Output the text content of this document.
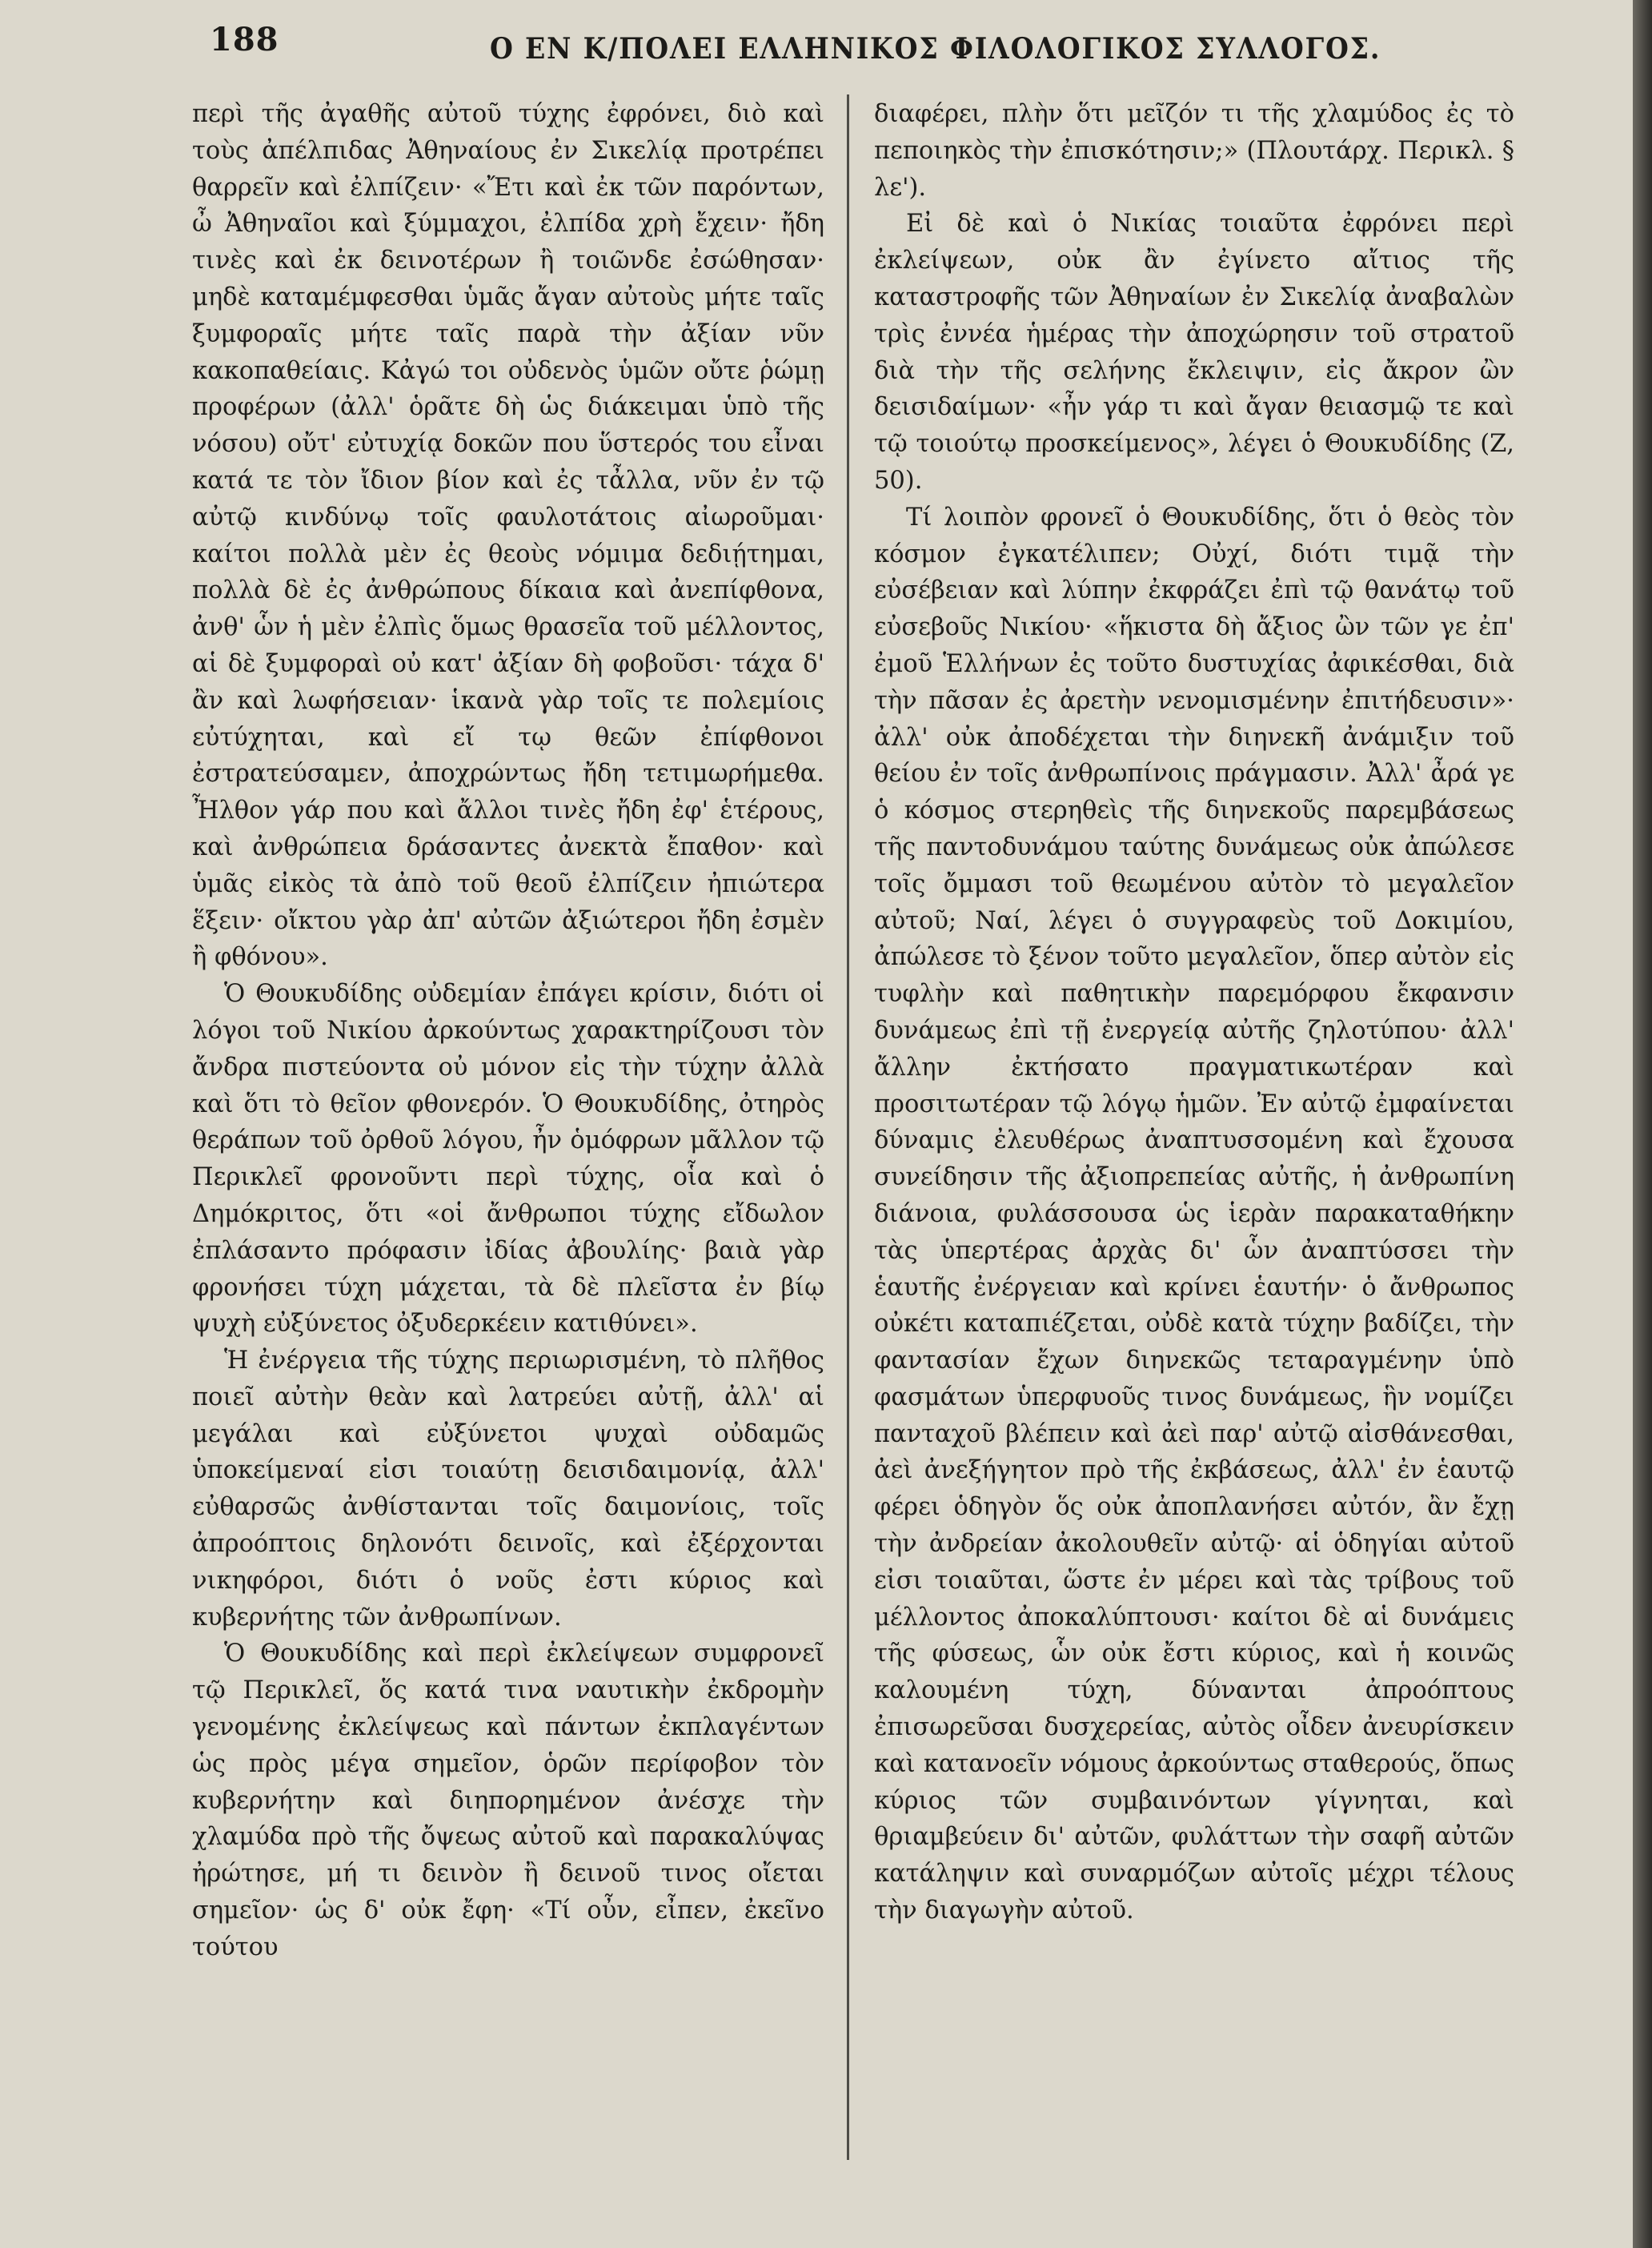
188	Ο ΕΝ Κ/ΠΟΛΕΙ ΕΛΛΗΝΙΚΟΣ ΦΙΛΟΛΟΓΙΚΟΣ ΣΥΛΛΟΓΟΣ.

περὶ τῆς ἀγαθῆς αὐτοῦ τύχης ἐφρόνει, διὸ καὶ τοὺς ἀπέλπιδας Ἀθηναίους ἐν Σικελίᾳ προτρέπει θαρρεῖν καὶ ἐλπίζειν· «Ἔτι καὶ ἐκ τῶν παρόντων, ὦ Ἀθηναῖοι καὶ ξύμμαχοι, ἐλπίδα χρὴ ἔχειν· ἤδη τινὲς καὶ ἐκ δεινοτέρων ἢ τοιῶνδε ἐσώθησαν· μηδὲ καταμέμφεσθαι ὑμᾶς ἄγαν αὐτοὺς μήτε ταῖς ξυμφοραῖς μήτε ταῖς παρὰ τὴν ἀξίαν νῦν κακοπαθείαις. Κἀγώ τοι οὐδενὸς ὑμῶν οὔτε ῥώμῃ προφέρων (ἀλλ' ὁρᾶτε δὴ ὡς διάκειμαι ὑπὸ τῆς νόσου) οὔτ' εὐτυχίᾳ δοκῶν που ὕστερός του εἶναι κατά τε τὸν ἴδιον βίον καὶ ἐς τἆλλα, νῦν ἐν τῷ αὐτῷ κινδύνῳ τοῖς φαυλοτάτοις αἰωροῦμαι· καίτοι πολλὰ μὲν ἐς θεοὺς νόμιμα δεδιῄτημαι, πολλὰ δὲ ἐς ἀνθρώπους δίκαια καὶ ἀνεπίφθονα, ἀνθ' ὧν ἡ μὲν ἐλπὶς ὅμως θρασεῖα τοῦ μέλλοντος, αἱ δὲ ξυμφοραὶ οὐ κατ' ἀξίαν δὴ φοβοῦσι· τάχα δ' ἂν καὶ λωφήσειαν· ἱκανὰ γὰρ τοῖς τε πολεμίοις εὐτύχηται, καὶ εἴ τῳ θεῶν ἐπίφθονοι ἐστρατεύσαμεν, ἀποχρώντως ἤδη τετιμωρήμεθα. Ἦλθον γάρ που καὶ ἄλλοι τινὲς ἤδη ἐφ' ἑτέρους, καὶ ἀνθρώπεια δράσαντες ἀνεκτὰ ἔπαθον· καὶ ὑμᾶς εἰκὸς τὰ ἀπὸ τοῦ θεοῦ ἐλπίζειν ἠπιώτερα ἕξειν· οἴκτου γὰρ ἀπ' αὐτῶν ἀξιώτεροι ἤδη ἐσμὲν ἢ φθόνου».

Ὁ Θουκυδίδης οὐδεμίαν ἐπάγει κρίσιν, διότι οἱ λόγοι τοῦ Νικίου ἀρκούντως χαρακτηρίζουσι τὸν ἄνδρα πιστεύοντα οὐ μόνον εἰς τὴν τύχην ἀλλὰ καὶ ὅτι τὸ θεῖον φθονερόν. Ὁ Θουκυδίδης, ὀτηρὸς θεράπων τοῦ ὀρθοῦ λόγου, ἦν ὁμόφρων μᾶλλον τῷ Περικλεῖ φρονοῦντι περὶ τύχης, οἷα καὶ ὁ Δημόκριτος, ὅτι «οἱ ἄνθρωποι τύχης εἴδωλον ἐπλάσαντο πρόφασιν ἰδίας ἀβουλίης· βαιὰ γὰρ φρονήσει τύχη μάχεται, τὰ δὲ πλεῖστα ἐν βίῳ ψυχὴ εὐξύνετος ὀξυδερκέειν κατιθύνει».

Ἡ ἐνέργεια τῆς τύχης περιωρισμένη, τὸ πλῆθος ποιεῖ αὐτὴν θεὰν καὶ λατρεύει αὐτῇ, ἀλλ' αἱ μεγάλαι καὶ εὐξύνετοι ψυχαὶ οὐδαμῶς ὑποκείμεναί εἰσι τοιαύτῃ δεισιδαιμονίᾳ, ἀλλ' εὐθαρσῶς ἀνθίστανται τοῖς δαιμονίοις, τοῖς ἀπροόπτοις δηλονότι δεινοῖς, καὶ ἐξέρχονται νικηφόροι, διότι ὁ νοῦς ἐστι κύριος καὶ κυβερνήτης τῶν ἀνθρωπίνων.

Ὁ Θουκυδίδης καὶ περὶ ἐκλείψεων συμφρονεῖ τῷ Περικλεῖ, ὅς κατά τινα ναυτικὴν ἐκδρομὴν γενομένης ἐκλείψεως καὶ πάντων ἐκπλαγέντων ὡς πρὸς μέγα σημεῖον, ὁρῶν περίφοβον τὸν κυβερνήτην καὶ διηπορημένον ἀνέσχε τὴν χλαμύδα πρὸ τῆς ὄψεως αὐτοῦ καὶ παρακαλύψας ἠρώτησε, μή τι δεινὸν ἢ δεινοῦ τινος οἴεται σημεῖον· ὡς δ' οὐκ ἔφη· «Τί οὖν, εἶπεν, ἐκεῖνο τούτου

διαφέρει, πλὴν ὅτι μεῖζόν τι τῆς χλαμύδος ἐς τὸ πεποιηκὸς τὴν ἐπισκότησιν;» (Πλουτάρχ. Περικλ. § λε').

Εἰ δὲ καὶ ὁ Νικίας τοιαῦτα ἐφρόνει περὶ ἐκλείψεων, οὐκ ἂν ἐγίνετο αἴτιος τῆς καταστροφῆς τῶν Ἀθηναίων ἐν Σικελίᾳ ἀναβαλὼν τρὶς ἐννέα ἡμέρας τὴν ἀποχώρησιν τοῦ στρατοῦ διὰ τὴν τῆς σελήνης ἔκλειψιν, εἰς ἄκρον ὢν δεισιδαίμων· «ἦν γάρ τι καὶ ἄγαν θειασμῷ τε καὶ τῷ τοιούτῳ προσκείμενος», λέγει ὁ Θουκυδίδης (Ζ, 50).

Τί λοιπὸν φρονεῖ ὁ Θουκυδίδης, ὅτι ὁ θεὸς τὸν κόσμον ἐγκατέλιπεν; Οὐχί, διότι τιμᾷ τὴν εὐσέβειαν καὶ λύπην ἐκφράζει ἐπὶ τῷ θανάτῳ τοῦ εὐσεβοῦς Νικίου· «ἥκιστα δὴ ἄξιος ὢν τῶν γε ἐπ' ἐμοῦ Ἑλλήνων ἐς τοῦτο δυστυχίας ἀφικέσθαι, διὰ τὴν πᾶσαν ἐς ἀρετὴν νενομισμένην ἐπιτήδευσιν»· ἀλλ' οὐκ ἀποδέχεται τὴν διηνεκῆ ἀνάμιξιν τοῦ θείου ἐν τοῖς ἀνθρωπίνοις πράγμασιν. Ἀλλ' ἆρά γε ὁ κόσμος στερηθεὶς τῆς διηνεκοῦς παρεμβάσεως τῆς παντοδυνάμου ταύτης δυνάμεως οὐκ ἀπώλεσε τοῖς ὄμμασι τοῦ θεωμένου αὐτὸν τὸ μεγαλεῖον αὐτοῦ; Ναί, λέγει ὁ συγγραφεὺς τοῦ Δοκιμίου, ἀπώλεσε τὸ ξένον τοῦτο μεγαλεῖον, ὅπερ αὐτὸν εἰς τυφλὴν καὶ παθητικὴν παρεμόρφου ἔκφανσιν δυνάμεως ἐπὶ τῇ ἐνεργείᾳ αὐτῆς ζηλοτύπου· ἀλλ' ἄλλην ἐκτήσατο πραγματικωτέραν καὶ προσιτωτέραν τῷ λόγῳ ἡμῶν. Ἐν αὐτῷ ἐμφαίνεται δύναμις ἐλευθέρως ἀναπτυσσομένη καὶ ἔχουσα συνείδησιν τῆς ἀξιοπρεπείας αὐτῆς, ἡ ἀνθρωπίνη διάνοια, φυλάσσουσα ὡς ἱερὰν παρακαταθήκην τὰς ὑπερτέρας ἀρχὰς δι' ὧν ἀναπτύσσει τὴν ἑαυτῆς ἐνέργειαν καὶ κρίνει ἑαυτήν· ὁ ἄνθρωπος οὐκέτι καταπιέζεται, οὐδὲ κατὰ τύχην βαδίζει, τὴν φαντασίαν ἔχων διηνεκῶς τεταραγμένην ὑπὸ φασμάτων ὑπερφυοῦς τινος δυνάμεως, ἣν νομίζει πανταχοῦ βλέπειν καὶ ἀεὶ παρ' αὐτῷ αἰσθάνεσθαι, ἀεὶ ἀνεξήγητον πρὸ τῆς ἐκβάσεως, ἀλλ' ἐν ἑαυτῷ φέρει ὁδηγὸν ὅς οὐκ ἀποπλανήσει αὐτόν, ἂν ἔχῃ τὴν ἀνδρείαν ἀκολουθεῖν αὐτῷ· αἱ ὁδηγίαι αὐτοῦ εἰσι τοιαῦται, ὥστε ἐν μέρει καὶ τὰς τρίβους τοῦ μέλλοντος ἀποκαλύπτουσι· καίτοι δὲ αἱ δυνάμεις τῆς φύσεως, ὧν οὐκ ἔστι κύριος, καὶ ἡ κοινῶς καλουμένη τύχη, δύνανται ἀπροόπτους ἐπισωρεῦσαι δυσχερείας, αὐτὸς οἶδεν ἀνευρίσκειν καὶ κατανοεῖν νόμους ἀρκούντως σταθερούς, ὅπως κύριος τῶν συμβαινόντων γίγνηται, καὶ θριαμβεύειν δι' αὐτῶν, φυλάττων τὴν σαφῆ αὐτῶν κατάληψιν καὶ συναρμόζων αὐτοῖς μέχρι τέλους τὴν διαγωγὴν αὐτοῦ.
